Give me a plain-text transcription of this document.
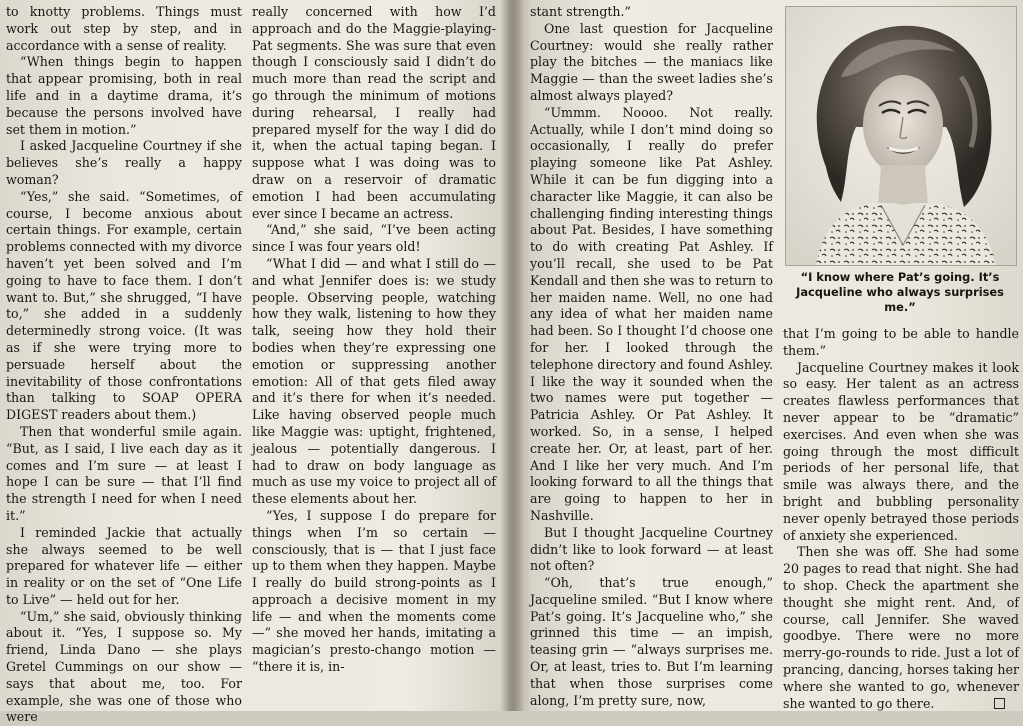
to knotty problems. Things must work out step by step, and in accordance with a sense of reality.

“When things begin to happen that appear promising, both in real life and in a daytime drama, it’s because the persons involved have set them in motion.”

I asked Jacqueline Courtney if she believes she’s really a happy woman?

“Yes,” she said. “Sometimes, of course, I become anxious about certain things. For example, certain problems connected with my divorce haven’t yet been solved and I’m going to have to face them. I don’t want to. But,” she shrugged, “I have to,” she added in a suddenly determinedly strong voice. (It was as if she were trying more to persuade herself about the inevitability of those confrontations than talking to SOAP OPERA DIGEST readers about them.)

Then that wonderful smile again. “But, as I said, I live each day as it comes and I’m sure — at least I hope I can be sure — that I’ll find the strength I need for when I need it.”

I reminded Jackie that actually she always seemed to be well prepared for whatever life — either in reality or on the set of “One Life to Live” — held out for her.

“Um,” she said, obviously thinking about it. “Yes, I suppose so. My friend, Linda Dano — she plays Gretel Cummings on our show — says that about me, too. For example, she was one of those who were

really concerned with how I’d approach and do the Maggie-playing-Pat segments. She was sure that even though I consciously said I didn’t do much more than read the script and go through the minimum of motions during rehearsal, I really had prepared myself for the way I did do it, when the actual taping began. I suppose what I was doing was to draw on a reservoir of dramatic emotion I had been accumulating ever since I became an actress.

“And,” she said, “I’ve been acting since I was four years old!

“What I did — and what I still do — and what Jennifer does is: we study people. Observing people, watching how they walk, listening to how they talk, seeing how they hold their bodies when they’re expressing one emotion or suppressing another emotion: All of that gets filed away and it’s there for when it’s needed. Like having observed people much like Maggie was: uptight, frightened, jealous — potentially dangerous. I had to draw on body language as much as use my voice to project all of these elements about her.

“Yes, I suppose I do prepare for things when I’m so certain — consciously, that is — that I just face up to them when they happen. Maybe I really do build strong-points as I approach a decisive moment in my life — and when the moments come —” she moved her hands, imitating a magician’s presto-chango motion — “there it is, in-

stant strength.”

One last question for Jacqueline Courtney: would she really rather play the bitches — the maniacs like Maggie — than the sweet ladies she’s almost always played?

“Ummm. Noooo. Not really. Actually, while I don’t mind doing so occasionally, I really do prefer playing someone like Pat Ashley. While it can be fun digging into a character like Maggie, it can also be challenging finding interesting things about Pat. Besides, I have something to do with creating Pat Ashley. If you’ll recall, she used to be Pat Kendall and then she was to return to her maiden name. Well, no one had any idea of what her maiden name had been. So I thought I’d choose one for her. I looked through the telephone directory and found Ashley. I like the way it sounded when the two names were put together — Patricia Ashley. Or Pat Ashley. It worked. So, in a sense, I helped create her. Or, at least, part of her. And I like her very much. And I’m looking forward to all the things that are going to happen to her in Nashville.

But I thought Jacqueline Courtney didn’t like to look forward — at least not often?

“Oh, that’s true enough,” Jacqueline smiled. “But I know where Pat’s going. It’s Jacqueline who,” she grinned this time — an impish, teasing grin — “always surprises me. Or, at least, tries to. But I’m learning that when those surprises come along, I’m pretty sure, now,

“I know where Pat’s going. It’s Jacqueline who always surprises me.”

that I’m going to be able to handle them.”

Jacqueline Courtney makes it look so easy. Her talent as an actress creates flawless performances that never appear to be “dramatic” exercises. And even when she was going through the most difficult periods of her personal life, that smile was always there, and the bright and bubbling personality never openly betrayed those periods of anxiety she experienced.

Then she was off. She had some 20 pages to read that night. She had to shop. Check the apartment she thought she might rent. And, of course, call Jennifer. She waved goodbye. There were no more merry-go-rounds to ride. Just a lot of prancing, dancing, horses taking her where she wanted to go, whenever she wanted to go there.
